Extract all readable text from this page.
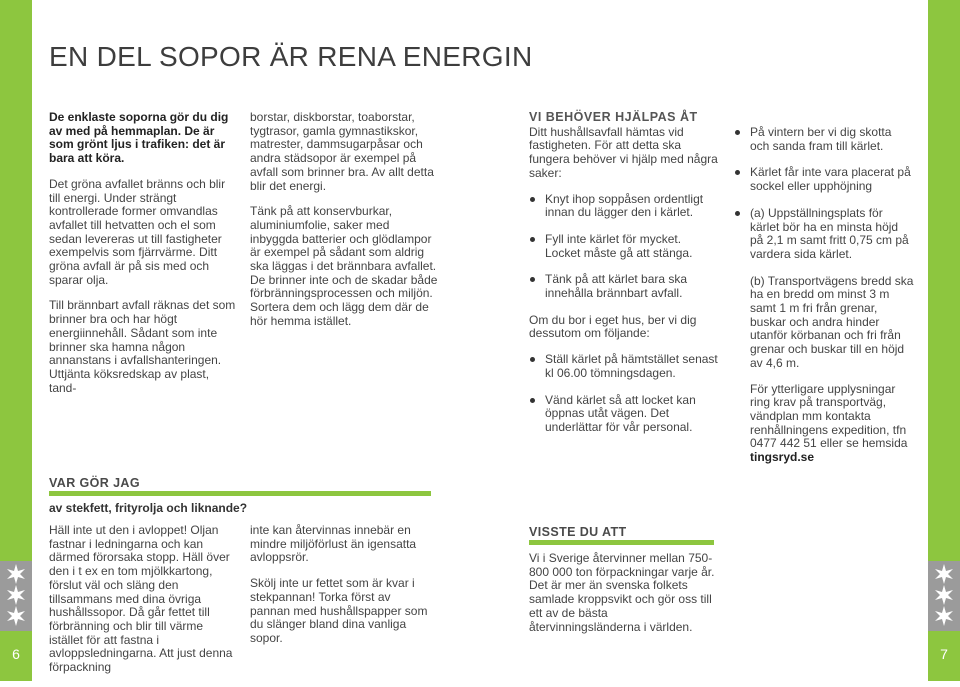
6	7
EN DEL SOPOR ÄR RENA ENERGIN

De enklaste soporna gör du dig av med på hemmaplan. De är som grönt ljus i trafiken: det är bara att köra.

Det gröna avfallet bränns och blir till energi. Under strängt kontrollerade former omvandlas avfallet till hetvatten och el som sedan levereras ut till fastigheter exempelvis som fjärrvärme. Ditt gröna avfall är på sis med och sparar olja.

Till brännbart avfall räknas det som brinner bra och har högt energiinnehåll. Sådant som inte brinner ska hamna någon annanstans i avfallshanteringen. Uttjänta köksredskap av plast, tand-

borstar, diskborstar, toaborstar, tygtrasor, gamla gymnastikskor, matrester, dammsugarpåsar och andra städsopor är exempel på avfall som brinner bra. Av allt detta blir det energi.

Tänk på att konservburkar, aluminiumfolie, saker med inbyggda batterier och glödlampor är exempel på sådant som aldrig ska läggas i det brännbara avfallet. De brinner inte och de skadar både förbränningsprocessen och miljön. Sortera dem och lägg dem där de hör hemma istället.

VI BEHÖVER HJÄLPAS ÅT

Ditt hushållsavfall hämtas vid fastigheten. För att detta ska fungera behöver vi hjälp med några saker:

Knyt ihop soppåsen ordentligt innan du lägger den i kärlet.
Fyll inte kärlet för mycket. Locket måste gå att stänga.
Tänk på att kärlet bara ska innehålla brännbart avfall.

Om du bor i eget hus, ber vi dig dessutom om följande:

Ställ kärlet på hämtstället senast kl 06.00 tömningsdagen.
Vänd kärlet så att locket kan öppnas utåt vägen. Det underlättar för vår personal.
På vintern ber vi dig skotta och sanda fram till kärlet.
Kärlet får inte vara placerat på sockel eller upphöjning
(a) Uppställningsplats för kärlet bör ha en minsta höjd på 2,1 m samt fritt 0,75 cm på vardera sida kärlet.

(b) Transportvägens bredd ska ha en bredd om minst 3 m samt 1 m fri från grenar, buskar och andra hinder utanför körbanan och fri från grenar och buskar till en höjd av 4,6 m.

För ytterligare upplysningar ring krav på transportväg, vändplan mm kontakta renhållningens expedition, tfn 0477 442 51 eller se hemsida

tingsryd.se

VAR GÖR JAG
av stekfett, frityrolja och liknande?

Häll inte ut den i avloppet! Oljan fastnar i ledningarna och kan därmed förorsaka stopp. Häll över den i t ex en tom mjölkkartong, förslut väl och släng den tillsammans med dina övriga hushållssopor. Då går fettet till förbränning och blir till värme istället för att fastna i avloppsledningarna. Att just denna förpackning

inte kan återvinnas innebär en mindre miljöförlust än igensatta avloppsrör.

Skölj inte ur fettet som är kvar i stekpannan! Torka först av pannan med hushållspapper som du slänger bland dina vanliga sopor.

VISSTE DU ATT
Vi i Sverige återvinner mellan 750-800 000 ton förpackningar varje år. Det är mer än svenska folkets samlade kroppsvikt och gör oss till ett av de bästa återvinningsländerna i världen.
